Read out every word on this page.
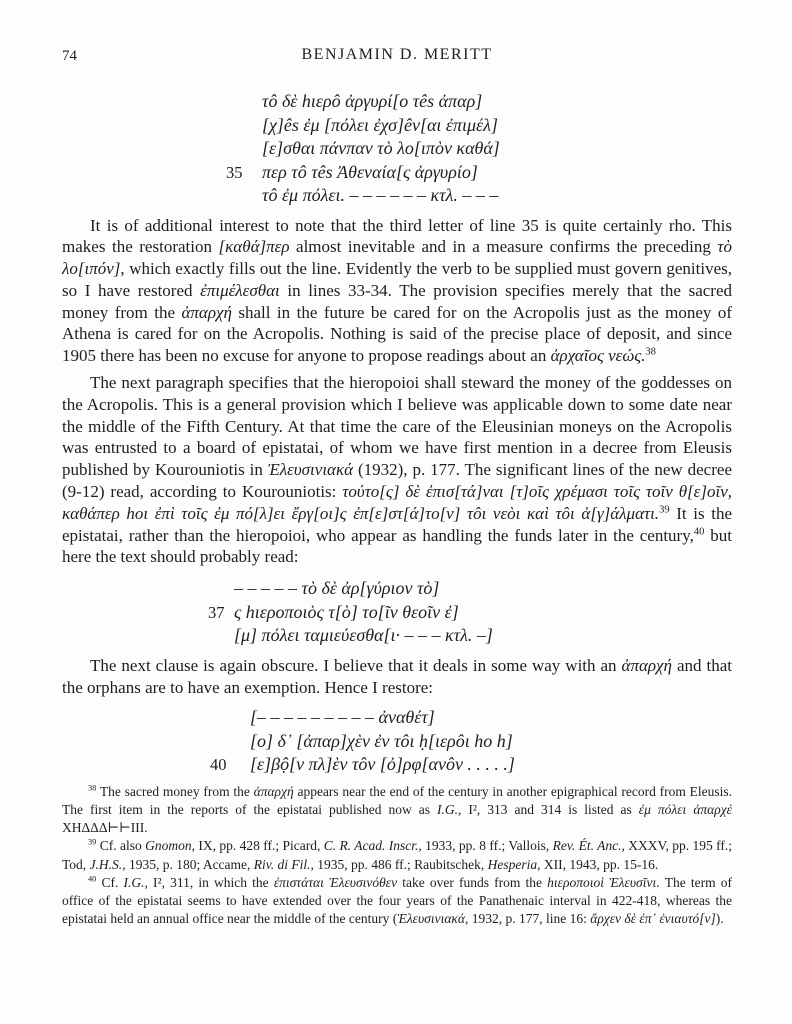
74	BENJAMIN D. MERITT
τô δὲ hιερô ἀργυρί[ο τês ἀπαρ]
[χ]ês ἐμ [πόλει ἐχσ]êν[αι ἐπιμέλ]
[ε]σθαι πάνπαν τὸ λο[ιπὸν καθά]
35	περ τô τês Ἀθεναία[ς ἀργυρίο]
τô ἐμ πόλει. – – – – – – κτλ. – – –

It is of additional interest to note that the third letter of line 35 is quite certainly rho. This makes the restoration [καθά]περ almost inevitable and in a measure confirms the preceding τὸ λο[ιπόν], which exactly fills out the line. Evidently the verb to be supplied must govern genitives, so I have restored ἐπιμέλεσθαι in lines 33-34. The provision specifies merely that the sacred money from the ἀπαρχή shall in the future be cared for on the Acropolis just as the money of Athena is cared for on the Acropolis. Nothing is said of the precise place of deposit, and since 1905 there has been no excuse for anyone to propose readings about an ἀρχαῖος νεώς.$^{38}$

The next paragraph specifies that the hieropoioi shall steward the money of the goddesses on the Acropolis. This is a general provision which I believe was applicable down to some date near the middle of the Fifth Century. At that time the care of the Eleusinian moneys on the Acropolis was entrusted to a board of epistatai, of whom we have first mention in a decree from Eleusis published by Kourouniotis in Ἐλευσινιακά (1932), p. 177. The significant lines of the new decree (9-12) read, according to Kourouniotis: τούτο[ς] δὲ ἐπισ[τά]ναι [τ]οῖς χρέμασι τοῖς τοῖν θ[ε]οῖν, καθάπερ hοι ἐπὶ τοῖς ἐμ πό[λ]ει ἔργ[οι]ς ἐπ[ε]στ[ά]το[ν] τôι νεὸι καὶ τôι ἀ[γ]άλματι.$^{39}$ It is the epistatai, rather than the hieropoioi, who appear as handling the funds later in the century,$^{40}$ but here the text should probably read:

– – – – – τὸ δὲ ἀρ[γύριον τὸ]
37 ς hιεροποιὸς τ[ὸ] το[ῖν θεοῖν ἐ]
[μ] πόλει ταμιεύεσθα[ι· – – – κτλ. –]

The next clause is again obscure. I believe that it deals in some way with an ἀπαρχή and that the orphans are to have an exemption. Hence I restore:

[– – – – – – – – – ἀναθέτ]
[ο] δ᾽ [ἀπαρ]χὲν ἐν τôι ḥ[ιερôι ho h]
40	[ε]βộ[ν πλ]ὲν τôν [ὀ]ρφ[ανôν . . . . .]

$^{38}$ The sacred money from the ἀπαρχή appears near the end of the century in another epigraphical record from Eleusis. The first item in the reports of the epistatai published now as I.G., I², 313 and 314 is listed as ἐμ πόλει ἀπαρχέ ΧΗΔΔΔ⊢⊢ΙΙΙ.

$^{39}$ Cf. also Gnomon, IX, pp. 428 ff.; Picard, C. R. Acad. Inscr., 1933, pp. 8 ff.; Vallois, Rev. Ét. Anc., XXXV, pp. 195 ff.; Tod, J.H.S., 1935, p. 180; Accame, Riv. di Fil., 1935, pp. 486 ff.; Raubitschek, Hesperia, XII, 1943, pp. 15-16.

$^{40}$ Cf. I.G., I², 311, in which the ἐπιστάται Ἐλευσινόθεν take over funds from the hιεροποιοὶ Ἐλευσῖνι. The term of office of the epistatai seems to have extended over the four years of the Panathenaic interval in 422-418, whereas the epistatai held an annual office near the middle of the century (Ἐλευσινιακά, 1932, p. 177, line 16: ἄρχεν δὲ ἐπ᾽ ἐνιαυτό[ν]).
